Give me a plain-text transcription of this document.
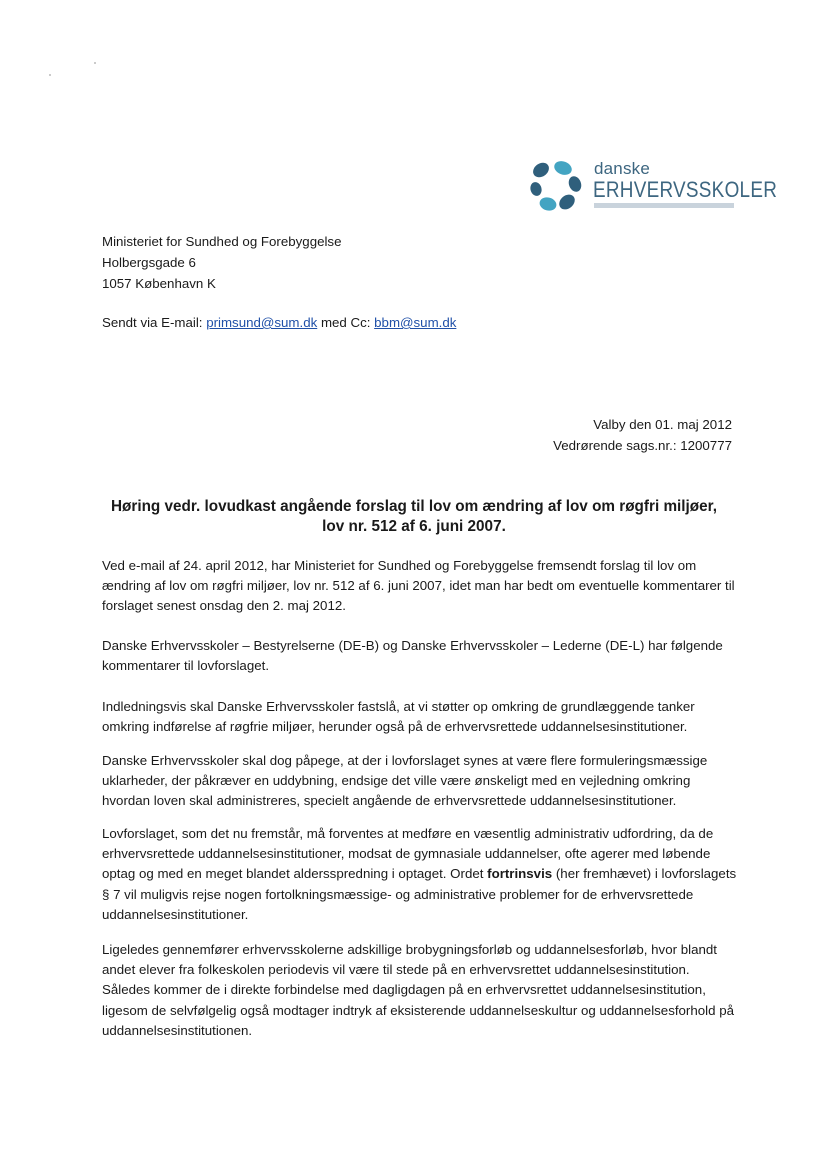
danske
ERHVERVSSKOLER
Ministeriet for Sundhed og Forebyggelse
Holbergsgade 6
1057 København K
Sendt via E-mail: primsund@sum.dk med Cc: bbm@sum.dk
Valby den 01. maj 2012
Vedrørende sags.nr.: 1200777
Høring vedr. lovudkast angående forslag til lov om ændring af lov om røgfri miljøer,
lov nr. 512 af 6. juni 2007.

Ved e-mail af 24. april 2012, har Ministeriet for Sundhed og Forebyggelse fremsendt forslag til lov om ændring af lov om røgfri miljøer, lov nr. 512 af 6. juni 2007, idet man har bedt om eventuelle kommentarer til forslaget senest onsdag den 2. maj 2012.

Danske Erhvervsskoler – Bestyrelserne (DE-B) og Danske Erhvervsskoler – Lederne (DE-L) har følgende kommentarer til lovforslaget.

Indledningsvis skal Danske Erhvervsskoler fastslå, at vi støtter op omkring de grundlæggende tanker omkring indførelse af røgfrie miljøer, herunder også på de erhvervsrettede uddannelsesinstitutioner.

Danske Erhvervsskoler skal dog påpege, at der i lovforslaget synes at være flere formuleringsmæssige uklarheder, der påkræver en uddybning, endsige det ville være ønskeligt med en vejledning omkring hvordan loven skal administreres, specielt angående de erhvervsrettede uddannelsesinstitutioner.

Lovforslaget, som det nu fremstår, må forventes at medføre en væsentlig administrativ udfordring, da de erhvervsrettede uddannelsesinstitutioner, modsat de gymnasiale uddannelser, ofte agerer med løbende optag og med en meget blandet aldersspredning i optaget. Ordet fortrinsvis (her fremhævet) i lovforslagets § 7 vil muligvis rejse nogen fortolkningsmæssige- og administrative problemer for de erhvervsrettede uddannelsesinstitutioner.

Ligeledes gennemfører erhvervsskolerne adskillige brobygningsforløb og uddannelsesforløb, hvor blandt andet elever fra folkeskolen periodevis vil være til stede på en erhvervsrettet uddannelsesinstitution. Således kommer de i direkte forbindelse med dagligdagen på en erhvervsrettet uddannelsesinstitution, ligesom de selvfølgelig også modtager indtryk af eksisterende uddannelseskultur og uddannelsesforhold på uddannelsesinstitutionen.
